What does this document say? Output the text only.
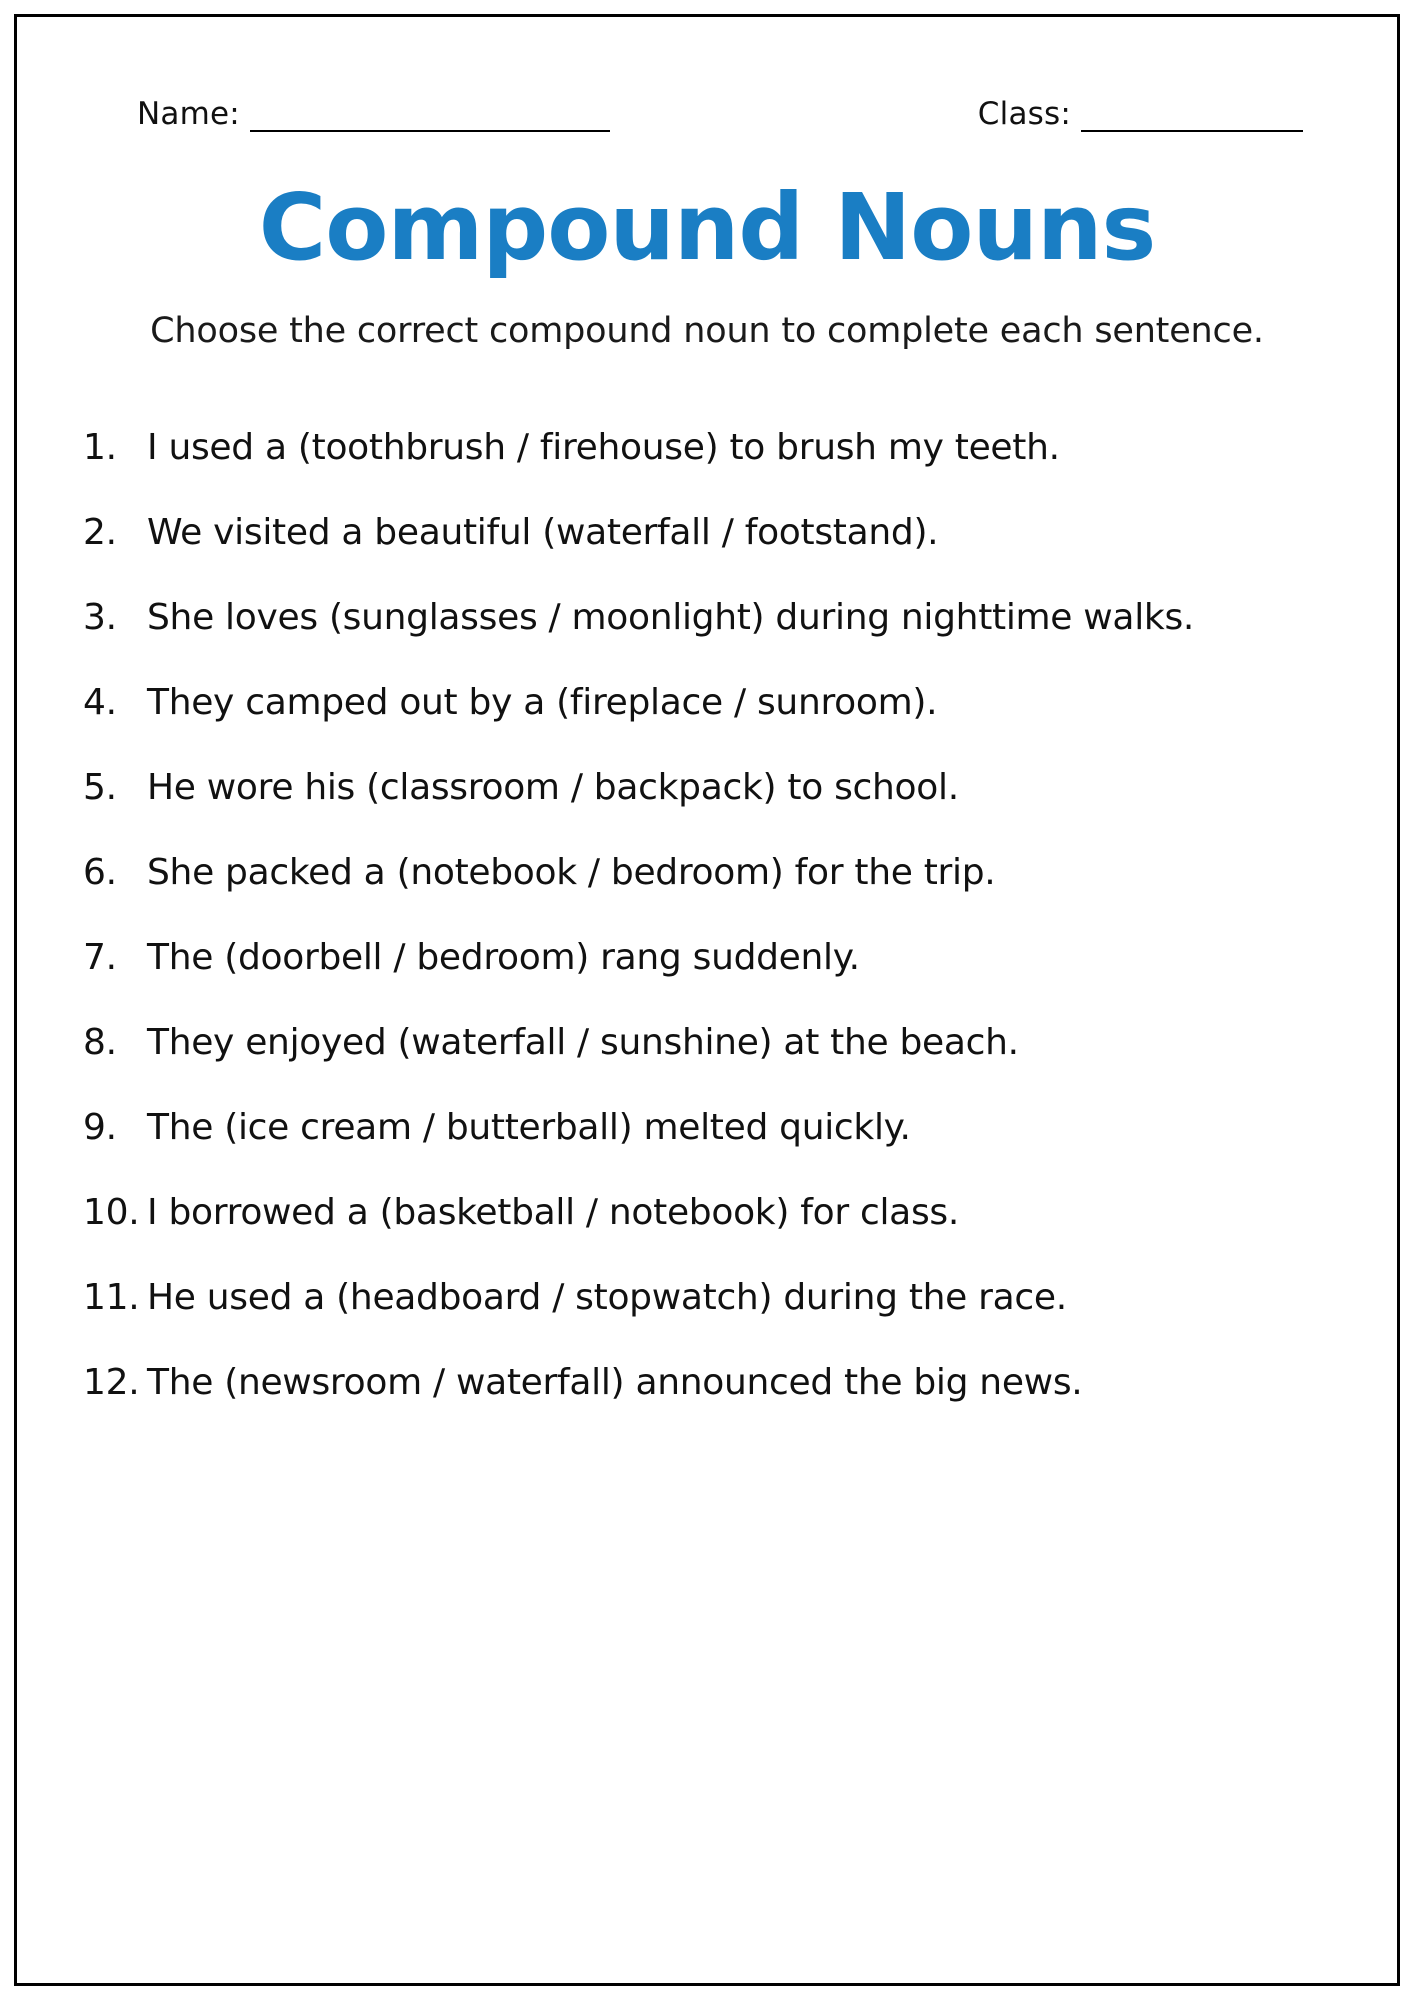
Name:	Class:
Compound Nouns
Choose the correct compound noun to complete each sentence.
1. I used a (toothbrush / firehouse) to brush my teeth.
2. We visited a beautiful (waterfall / footstand).
3. She loves (sunglasses / moonlight) during nighttime walks.
4. They camped out by a (fireplace / sunroom).
5. He wore his (classroom / backpack) to school.
6. She packed a (notebook / bedroom) for the trip.
7. The (doorbell / bedroom) rang suddenly.
8. They enjoyed (waterfall / sunshine) at the beach.
9. The (ice cream / butterball) melted quickly.
10. I borrowed a (basketball / notebook) for class.
11. He used a (headboard / stopwatch) during the race.
12. The (newsroom / waterfall) announced the big news.
